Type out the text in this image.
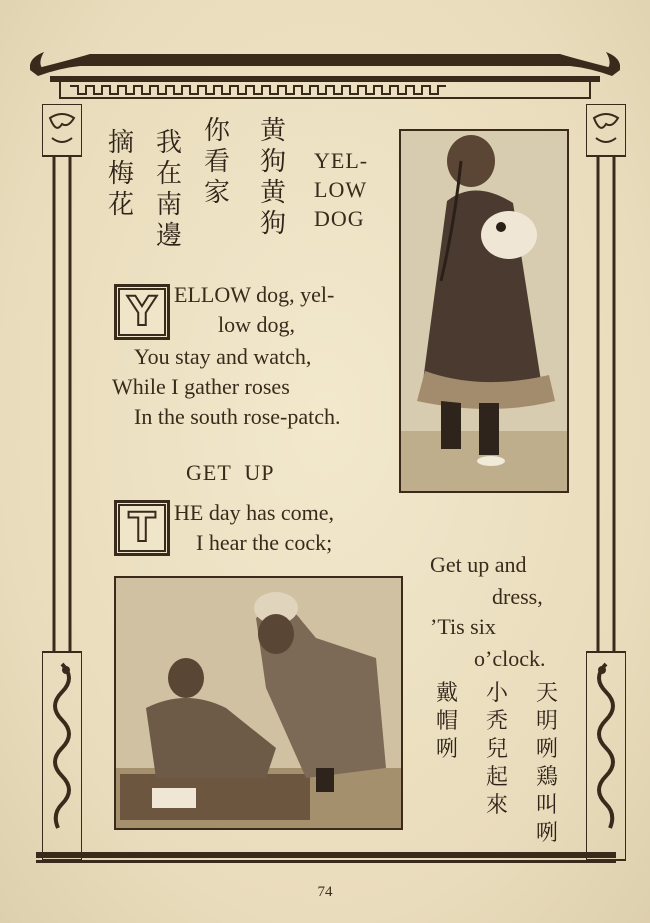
黄狗黄狗
你看家
我在南邊
摘梅花
YEL-
LOW
DOG
Y ELLOW dog, yel-
low dog,
You stay and watch,
While I gather roses
In the south rose-patch.
GET  UP
T HE day has come,
I hear the cock;
Get up and
dress,
’Tis six
o’clock.
天明咧鶏叫咧
小秃兒起來
戴帽咧
74
